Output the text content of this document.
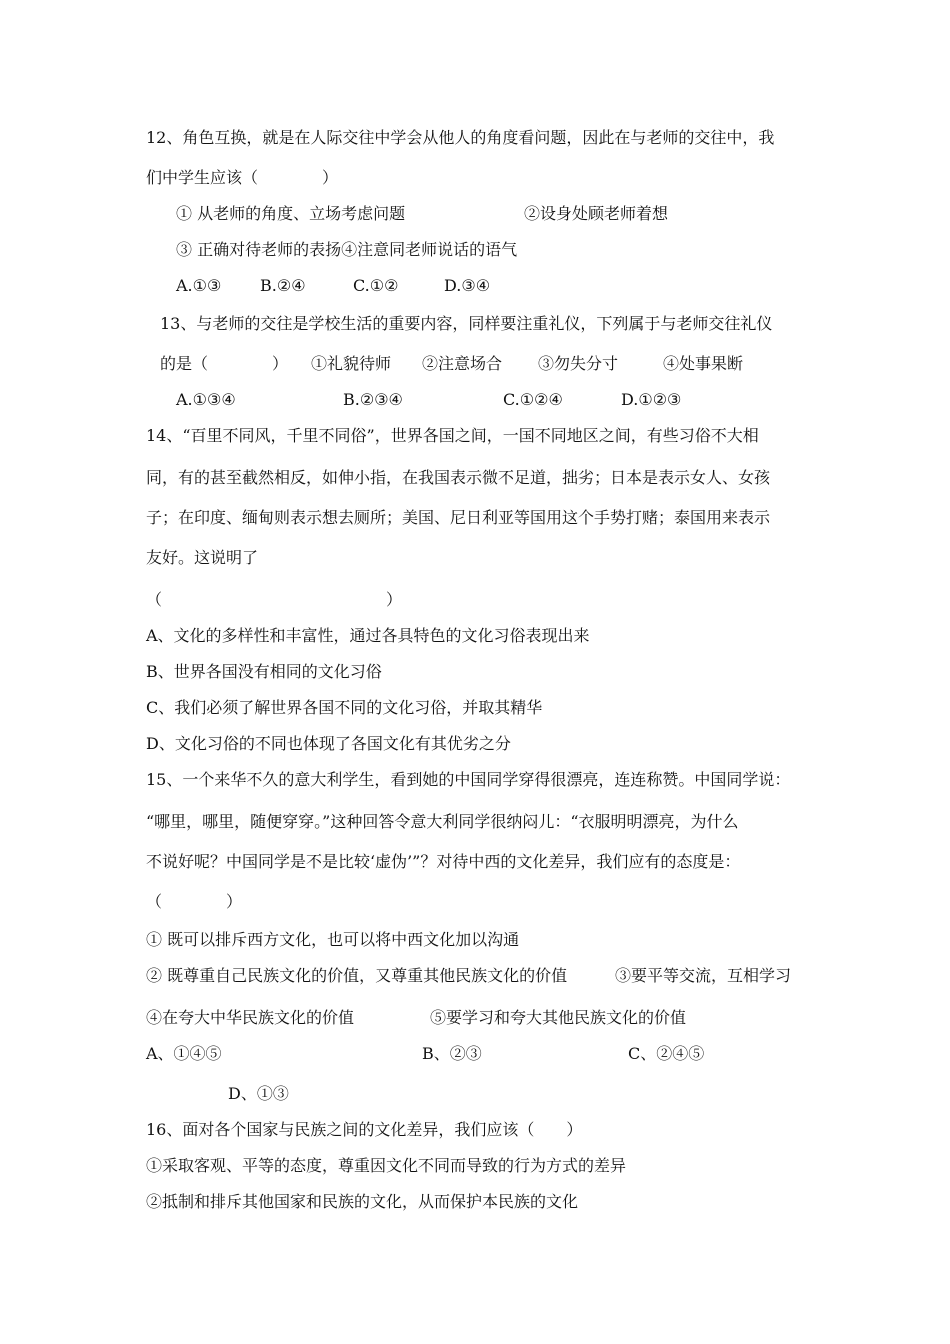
12、角色互换，就是在人际交往中学会从他人的角度看问题，因此在与老师的交往中，我
们中学生应该（　　　　）
① 从老师的角度、立场考虑问题	②设身处顾老师着想
③ 正确对待老师的表扬④注意同老师说话的语气
A.①③ B.②④	C.①②	D.③④
13、与老师的交往是学校生活的重要内容，同样要注重礼仪，下列属于与老师交往礼仪
的是（　　　　） ①礼貌待师 ②注意场合 ③勿失分寸	④处事果断
A.①③④	B.②③④	C.①②④	D.①②③
14、“百里不同风，千里不同俗”，世界各国之间，一国不同地区之间，有些习俗不大相
同，有的甚至截然相反，如伸小指，在我国表示微不足道，拙劣；日本是表示女人、女孩
子；在印度、缅甸则表示想去厕所；美国、尼日利亚等国用这个手势打赌；泰国用来表示
友好。这说明了
（　　　　　　　　　　　　　　）
A、文化的多样性和丰富性，通过各具特色的文化习俗表现出来
B、世界各国没有相同的文化习俗
C、我们必须了解世界各国不同的文化习俗，并取其精华
D、文化习俗的不同也体现了各国文化有其优劣之分
15、一个来华不久的意大利学生，看到她的中国同学穿得很漂亮，连连称赞。中国同学说：
“哪里，哪里，随便穿穿。”这种回答令意大利同学很纳闷儿：“衣服明明漂亮，为什么
不说好呢？中国同学是不是比较‘虚伪’”？对待中西的文化差异，我们应有的态度是：
（　　　　）
① 既可以排斥西方文化，也可以将中西文化加以沟通
② 既尊重自己民族文化的价值，又尊重其他民族文化的价值	③要平等交流，互相学习
④在夸大中华民族文化的价值	⑤要学习和夸大其他民族文化的价值
A、①④⑤	B、②③	C、②④⑤
D、①③
16、面对各个国家与民族之间的文化差异，我们应该（　　）
①采取客观、平等的态度，尊重因文化不同而导致的行为方式的差异
②抵制和排斥其他国家和民族的文化，从而保护本民族的文化
